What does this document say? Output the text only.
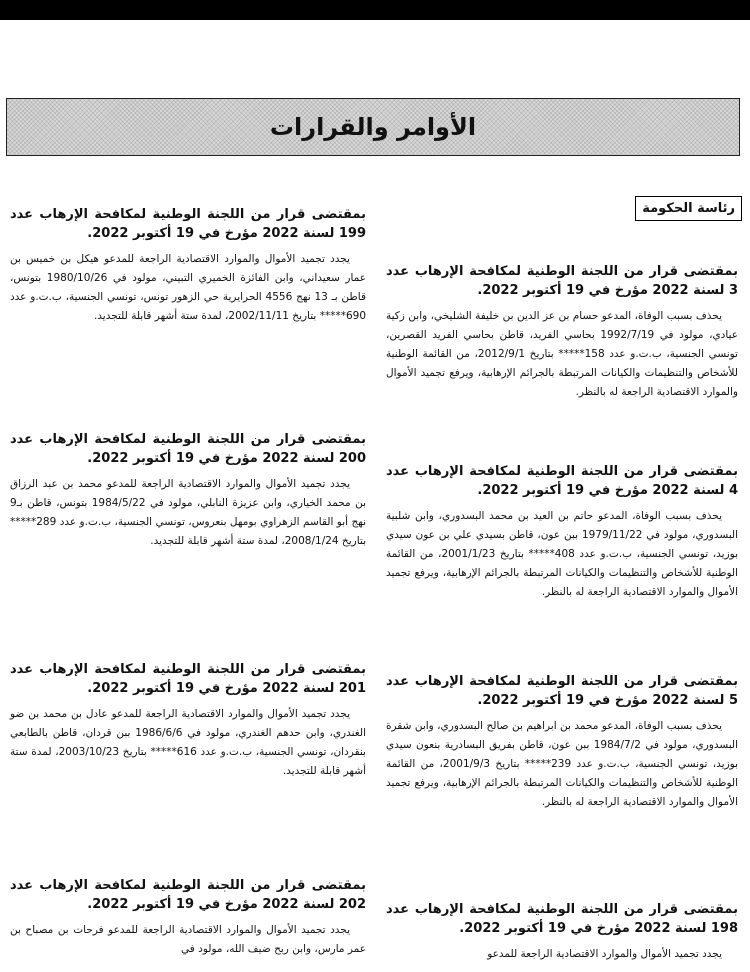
الأوامر والقرارات
رئاسة الحكومة
بمقتضى قرار من اللجنة الوطنية لمكافحة الإرهاب عدد 3 لسنة 2022 مؤرخ في 19 أكتوبر 2022.

يحذف بسبب الوفاة، المدعو حسام بن عز الدين بن خليفة الشليخي، وابن زكية عيادي، مولود في 1992/7/19 بحاسي الفريد، قاطن بحاسي الفريد القصرين، تونسي الجنسية، ب.ت.و عدد 158***** بتاريخ 2012/9/1، من القائمة الوطنية للأشخاص والتنظيمات والكيانات المرتبطة بالجرائم الإرهابية، ويرفع تجميد الأموال والموارد الاقتصادية الراجعة له بالنظر.

بمقتضى قرار من اللجنة الوطنية لمكافحة الإرهاب عدد 4 لسنة 2022 مؤرخ في 19 أكتوبر 2022.

يحذف بسبب الوفاة، المدعو حاتم بن العيد بن محمد البسدوري، وابن شلبية البسدوري، مولود في 1979/11/22 ببن عون، قاطن بسيدي علي بن عون سيدي بوزيد، تونسي الجنسية، ب.ت.و عدد 408***** بتاريخ 2001/1/23، من القائمة الوطنية للأشخاص والتنظيمات والكيانات المرتبطة بالجرائم الإرهابية، ويرفع تجميد الأموال والموارد الاقتصادية الراجعة له بالنظر.

بمقتضى قرار من اللجنة الوطنية لمكافحة الإرهاب عدد 5 لسنة 2022 مؤرخ في 19 أكتوبر 2022.

يحذف بسبب الوفاة، المدعو محمد بن ابراهيم بن صالح البسدوري، وابن شقرة البسدوري، مولود في 1984/7/2 ببن عون، قاطن بفريق البسادرية بنعون سيدي بوزيد، تونسي الجنسية، ب.ت.و عدد 239***** بتاريخ 2001/9/3، من القائمة الوطنية للأشخاص والتنظيمات والكيانات المرتبطة بالجرائم الإرهابية، ويرفع تجميد الأموال والموارد الاقتصادية الراجعة له بالنظر.

بمقتضى قرار من اللجنة الوطنية لمكافحة الإرهاب عدد 198 لسنة 2022 مؤرخ في 19 أكتوبر 2022.

يجدد تجميد الأموال والموارد الاقتصادية الراجعة للمدعو

بمقتضى قرار من اللجنة الوطنية لمكافحة الإرهاب عدد 199 لسنة 2022 مؤرخ في 19 أكتوبر 2022.

يجدد تجميد الأموال والموارد الاقتصادية الراجعة للمدعو هيكل بن خميس بن عمار سعيداني، وابن الفائزة الخميري التبيني، مولود في 1980/10/26 بتونس، قاطن بـ 13 نهج 4556 الحرايرية حي الزهور تونس، تونسي الجنسية، ب.ت.و عدد 690***** بتاريخ 2002/11/11، لمدة ستة أشهر قابلة للتجديد.

بمقتضى قرار من اللجنة الوطنية لمكافحة الإرهاب عدد 200 لسنة 2022 مؤرخ في 19 أكتوبر 2022.

يجدد تجميد الأموال والموارد الاقتصادية الراجعة للمدعو محمد بن عبد الرزاق بن محمد الخياري، وابن عزيزة النابلي، مولود في 1984/5/22 بتونس، قاطن بـ9 نهج أبو القاسم الزهراوي بومهل بنعروس، تونسي الجنسية، ب.ت.و عدد 289***** بتاريخ 2008/1/24، لمدة ستة أشهر قابلة للتجديد.

بمقتضى قرار من اللجنة الوطنية لمكافحة الإرهاب عدد 201 لسنة 2022 مؤرخ في 19 أكتوبر 2022.

يجدد تجميد الأموال والموارد الاقتصادية الراجعة للمدعو عادل بن محمد بن ضو الغندري، وابن حدهم الغندري، مولود في 1986/6/6 ببن قردان، قاطن بالطابعي بنقردان، تونسي الجنسية، ب.ت.و عدد 616***** بتاريخ 2003/10/23، لمدة ستة أشهر قابلة للتجديد.

بمقتضى قرار من اللجنة الوطنية لمكافحة الإرهاب عدد 202 لسنة 2022 مؤرخ في 19 أكتوبر 2022.

يجدد تجميد الأموال والموارد الاقتصادية الراجعة للمدعو فرحات بن مصباح بن عمر مارس، وابن ربح ضيف الله، مولود في
